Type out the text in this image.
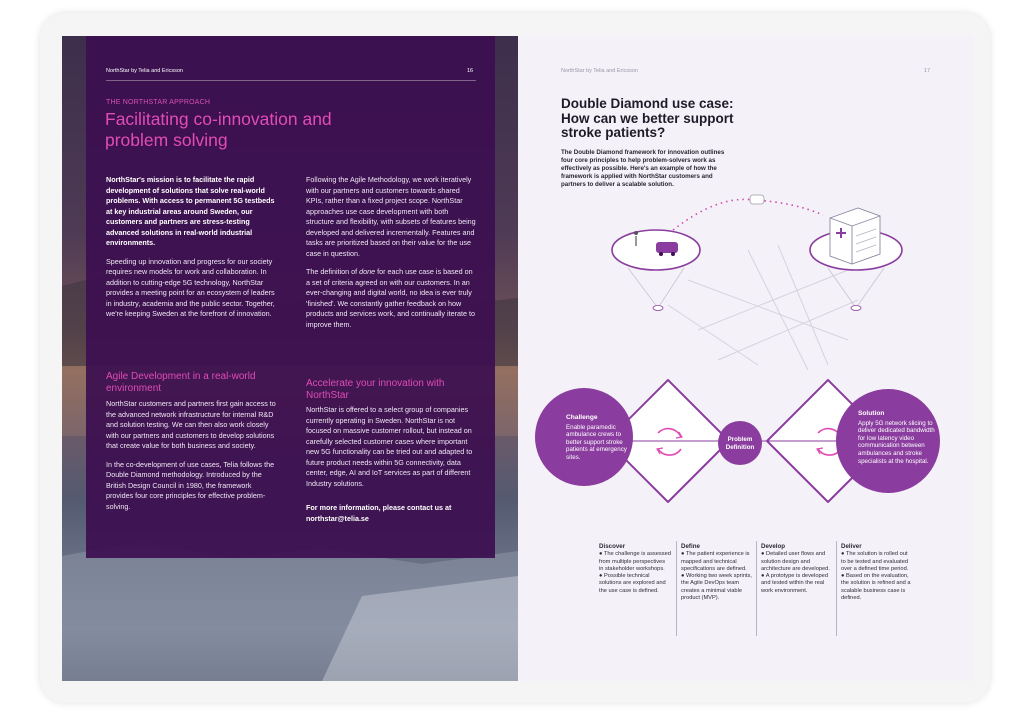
NorthStar by Telia and Ericsson	16
THE NORTHSTAR APPROACH
Facilitating co-innovation and problem solving

NorthStar's mission is to facilitate the rapid development of solutions that solve real-world problems. With access to permanent 5G testbeds at key industrial areas around Sweden, our customers and partners are stress-testing advanced solutions in real-world industrial environments.

Speeding up innovation and progress for our society requires new models for work and collaboration. In addition to cutting-edge 5G technology, NorthStar provides a meeting point for an ecosystem of leaders in industry, academia and the public sector. Together, we're keeping Sweden at the forefront of innovation.

Agile Development in a real-world environment

NorthStar customers and partners first gain access to the advanced network infrastructure for internal R&D and solution testing. We can then also work closely with our partners and customers to develop solutions that create value for both business and society.

In the co-development of use cases, Telia follows the Double Diamond methodology. Introduced by the British Design Council in 1980, the framework provides four core principles for effective problem-solving.

Following the Agile Methodology, we work iteratively with our partners and customers towards shared KPIs, rather than a fixed project scope. NorthStar approaches use case development with both structure and flexibility, with subsets of features being developed and delivered incrementally. Features and tasks are prioritized based on their value for the use case in question.

The definition of done for each use case is based on a set of criteria agreed on with our customers. In an ever-changing and digital world, no idea is ever truly 'finished'. We constantly gather feedback on how products and services work, and continually iterate to improve them.

Accelerate your innovation with NorthStar

NorthStar is offered to a select group of companies currently operating in Sweden. NorthStar is not focused on massive customer rollout, but instead on carefully selected customer cases where important new 5G functionality can be tried out and adapted to future product needs within 5G connectivity, data center, edge, AI and IoT services as part of different Industry solutions.

For more information, please contact us at northstar@telia.se

NorthStar by Telia and Ericsson	17
Double Diamond use case: How can we better support stroke patients?
The Double Diamond framework for innovation outlines four core principles to help problem-solvers work as effectively as possible. Here's an example of how the framework is applied with NorthStar customers and partners to deliver a scalable solution.
Challenge
Enable paramedic ambulance crews to better support stroke patients at emergency sites.
Problem Definition
Solution
Apply 5G network slicing to deliver dedicated bandwidth for low latency video communication between ambulances and stroke specialists at the hospital.
Discover
● The challenge is assessed from multiple perspectives in stakeholder workshops.
● Possible technical solutions are explored and the use case is defined.
Define
● The patient experience is mapped and technical specifications are defined.
● Working two week sprints, the Agile DevOps team creates a minimal viable product (MVP).
Develop
● Detailed user flows and solution design and architecture are developed.
● A prototype is developed and tested within the real work environment.
Deliver
● The solution is rolled out to be tested and evaluated over a defined time period.
● Based on the evaluation, the solution is refined and a scalable business case is defined.
